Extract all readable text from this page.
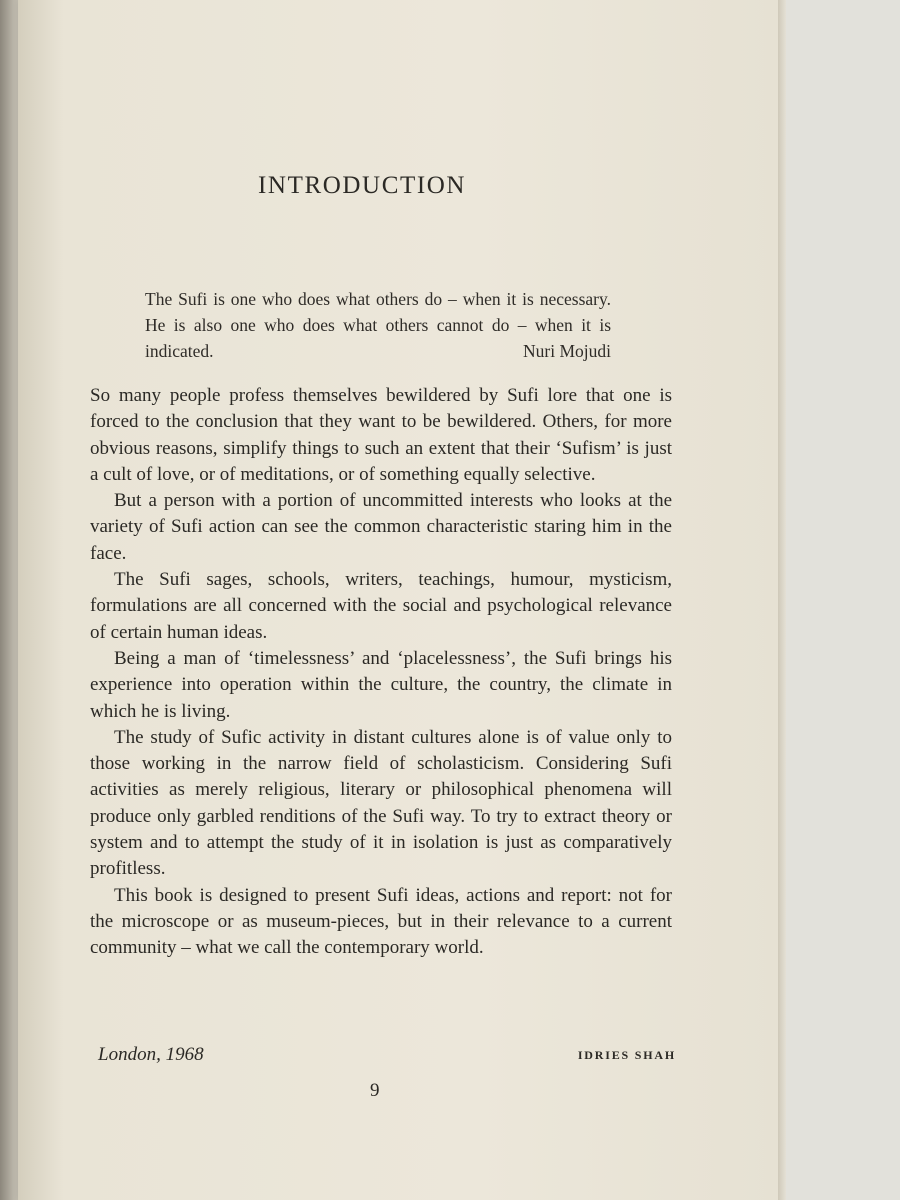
INTRODUCTION

The Sufi is one who does what others do – when it is necessary. He is also one who does what others cannot do – when it is indicated.	Nuri Mojudi

So many people profess themselves bewildered by Sufi lore that one is forced to the conclusion that they want to be bewildered. Others, for more obvious reasons, simplify things to such an extent that their ‘Sufism’ is just a cult of love, or of meditations, or of something equally selective.

But a person with a portion of uncommitted interests who looks at the variety of Sufi action can see the common characteristic staring him in the face.

The Sufi sages, schools, writers, teachings, humour, mysticism, formulations are all concerned with the social and psychological relevance of certain human ideas.

Being a man of ‘timelessness’ and ‘placelessness’, the Sufi brings his experience into operation within the culture, the country, the climate in which he is living.

The study of Sufic activity in distant cultures alone is of value only to those working in the narrow field of scholasticism. Considering Sufi activities as merely religious, literary or philosophical phenomena will produce only garbled renditions of the Sufi way. To try to extract theory or system and to attempt the study of it in isolation is just as comparatively profitless.

This book is designed to present Sufi ideas, actions and report: not for the microscope or as museum-pieces, but in their relevance to a current community – what we call the contemporary world.

London, 1968	IDRIES SHAH
9
